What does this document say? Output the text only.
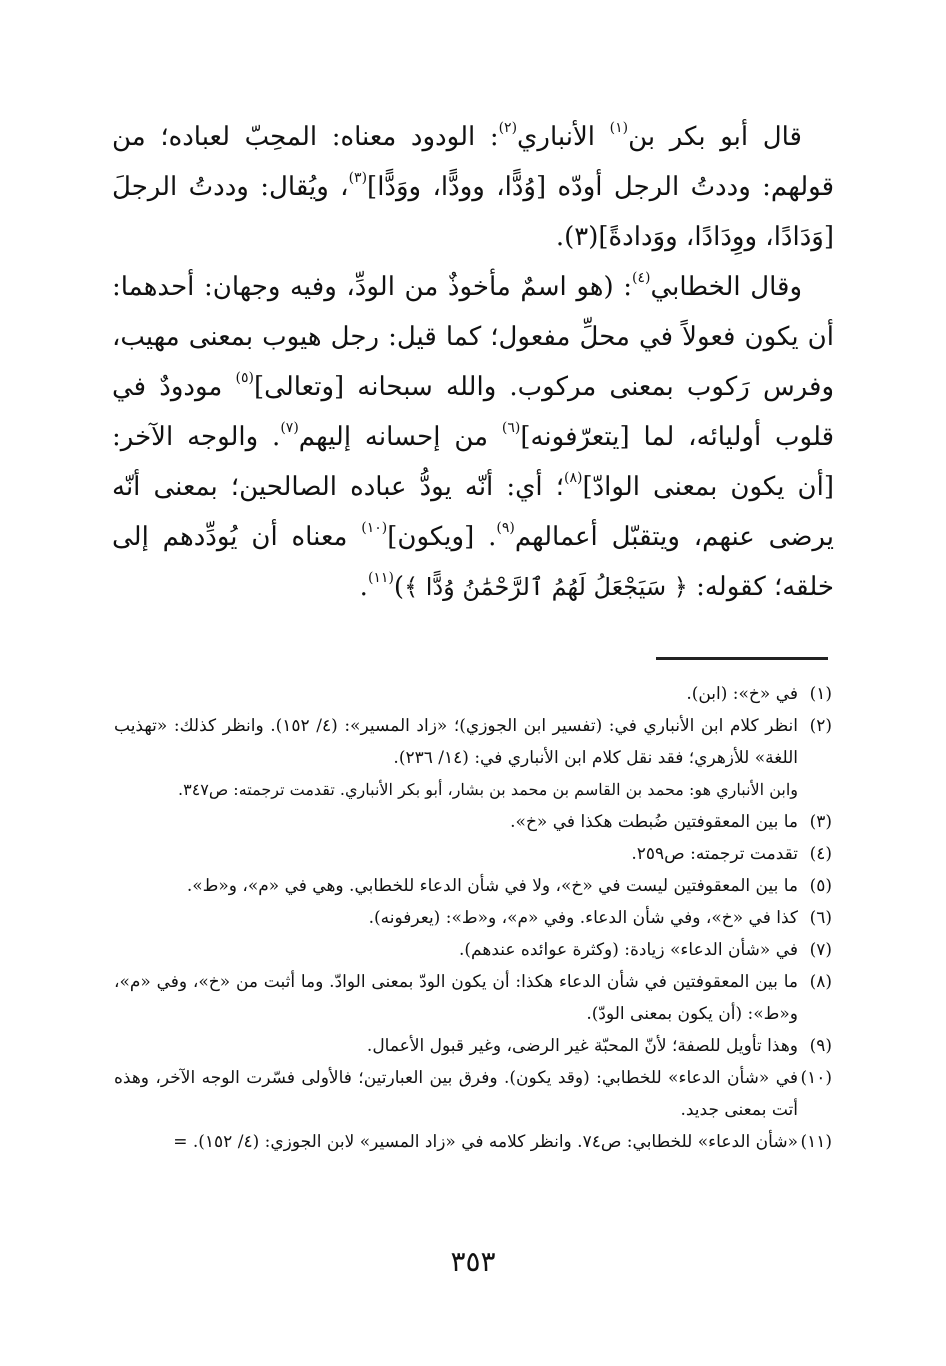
قال أبو بكر بن$^{(١)}$ الأنباري$^{(٢)}$: الودود معناه: المحِبّ لعباده؛ من قولهم: وددتُ الرجل أودّه [وُدًّا، وودًّا، ووَدًّا]$^{(٣)}$، ويُقال: وددتُ الرجلَ [وَدَادًا، ووِدَادًا، ووَدادةً](٣).

وقال الخطابي$^{(٤)}$: (هو اسمٌ مأخوذٌ من الودِّ، وفيه وجهان: أحدهما: أن يكون فعولاً في محلِّ مفعول؛ كما قيل: رجل هيوب بمعنى مهيب، وفرس رَكوب بمعنى مركوب. والله سبحانه [وتعالى]$^{(٥)}$ مودودٌ في قلوب أوليائه، لما [يتعرّفونه]$^{(٦)}$ من إحسانه إليهم$^{(٧)}$. والوجه الآخر: [أن يكون بمعنى الوادّ]$^{(٨)}$؛ أي: أنّه يودُّ عباده الصالحين؛ بمعنى أنّه يرضى عنهم، ويتقبّل أعمالهم$^{(٩)}$. [ويكون]$^{(١٠)}$ معناه أن يُودِّدهم إلى خلقه؛ كقوله: ﴿ سَيَجْعَلُ لَهُمُ ٱلرَّحْمَٰنُ وُدًّا ﴾)$^{(١١)}$.

(١)
في «خ»: (ابن).
(٢)
انظر كلام ابن الأنباري في: (تفسير ابن الجوزي)؛ «زاد المسير»: (٤/ ١٥٢). وانظر كذلك: «تهذيب اللغة» للأزهري؛ فقد نقل كلام ابن الأنباري في: (١٤/ ٢٣٦).
وابن الأنباري هو: محمد بن القاسم بن محمد بن بشار، أبو بكر الأنباري. تقدمت ترجمته: ص٣٤٧.
(٣)
ما بين المعقوفتين ضُبطت هكذا في «خ».
(٤)
تقدمت ترجمته: ص٢٥٩.
(٥)
ما بين المعقوفتين ليست في «خ»، ولا في شأن الدعاء للخطابي. وهي في «م»، و«ط».
(٦)
كذا في «خ»، وفي شأن الدعاء. وفي «م»، و«ط»: (يعرفونه).
(٧)
في «شأن الدعاء» زيادة: (وكثرة عوائده عندهم).
(٨)
ما بين المعقوفتين في شأن الدعاء هكذا: أن يكون الودّ بمعنى الوادّ. وما أثبت من «خ»، وفي «م»، و«ط»: (أن يكون بمعنى الودّ).
(٩)
وهذا تأويل للصفة؛ لأنّ المحبّة غير الرضى، وغير قبول الأعمال.
(١٠)
في «شأن الدعاء» للخطابي: (وقد يكون). وفرق بين العبارتين؛ فالأولى فسّرت الوجه الآخر، وهذه أتت بمعنى جديد.
(١١)
«شأن الدعاء» للخطابي: ص٧٤. وانظر كلامه في «زاد المسير» لابن الجوزي: (٤/ ١٥٢). =
٣٥٣
